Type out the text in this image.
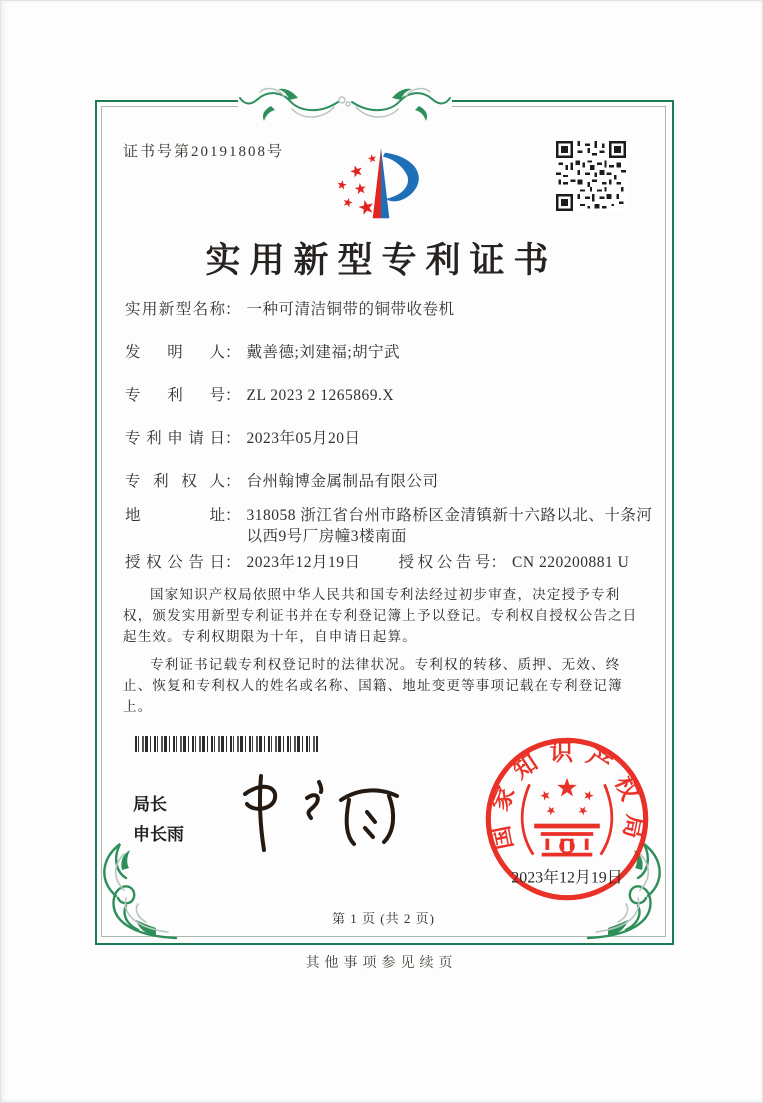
证书号第20191808号
实用新型专利证书
实用新型名称 ： 一种可清洁铜带的铜带收卷机
发明人 ： 戴善德;刘建福;胡宁武
专利号 ： ZL 2023 2 1265869.X
专利申请日 ： 2023年05月20日
专利权人 ： 台州翰博金属制品有限公司
地址 ： 318058 浙江省台州市路桥区金清镇新十六路以北、十条河以西9号厂房幢3楼南面
授权公告日 ： 2023年12月19日 授权公告号 ： CN 220200881 U

国家知识产权局依照中华人民共和国专利法经过初步审查，决定授予专利权，颁发实用新型专利证书并在专利登记簿上予以登记。专利权自授权公告之日起生效。专利权期限为十年，自申请日起算。

专利证书记载专利权登记时的法律状况。专利权的转移、质押、无效、终止、恢复和专利权人的姓名或名称、国籍、地址变更等事项记载在专利登记簿上。

局长
申长雨	国家知识产权局
2023年12月19日
第 1 页 (共 2 页)
其他事项参见续页
